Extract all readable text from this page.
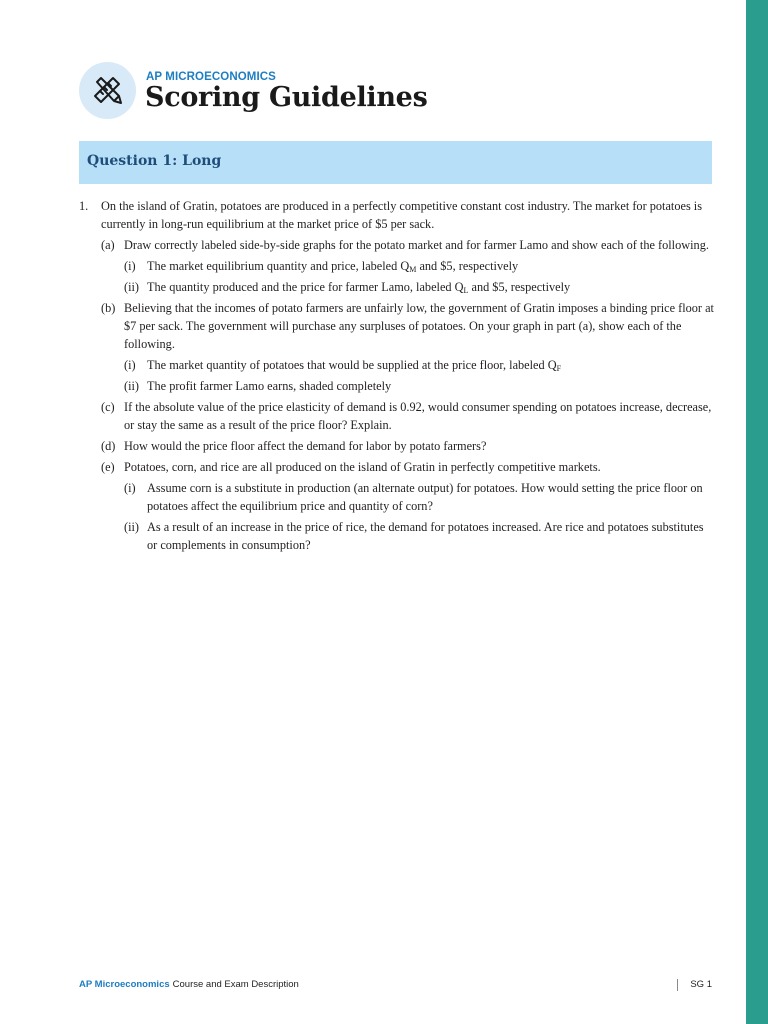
AP MICROECONOMICS
Scoring Guidelines
Question 1: Long
1. On the island of Gratin, potatoes are produced in a perfectly competitive constant cost industry. The market for potatoes is currently in long-run equilibrium at the market price of $5 per sack.
(a) Draw correctly labeled side-by-side graphs for the potato market and for farmer Lamo and show each of the following.
(i) The market equilibrium quantity and price, labeled $Q_M$ and $5, respectively
(ii) The quantity produced and the price for farmer Lamo, labeled $Q_L$ and $5, respectively
(b) Believing that the incomes of potato farmers are unfairly low, the government of Gratin imposes a binding price floor at $7 per sack. The government will purchase any surpluses of potatoes. On your graph in part (a), show each of the following.
(i) The market quantity of potatoes that would be supplied at the price floor, labeled $Q_F$
(ii) The profit farmer Lamo earns, shaded completely
(c) If the absolute value of the price elasticity of demand is 0.92, would consumer spending on potatoes increase, decrease, or stay the same as a result of the price floor? Explain.
(d) How would the price floor affect the demand for labor by potato farmers?
(e) Potatoes, corn, and rice are all produced on the island of Gratin in perfectly competitive markets.
(i) Assume corn is a substitute in production (an alternate output) for potatoes. How would setting the price floor on potatoes affect the equilibrium price and quantity of corn?
(ii) As a result of an increase in the price of rice, the demand for potatoes increased. Are rice and potatoes substitutes or complements in consumption?
AP Microeconomics Course and Exam Description	SG 1
